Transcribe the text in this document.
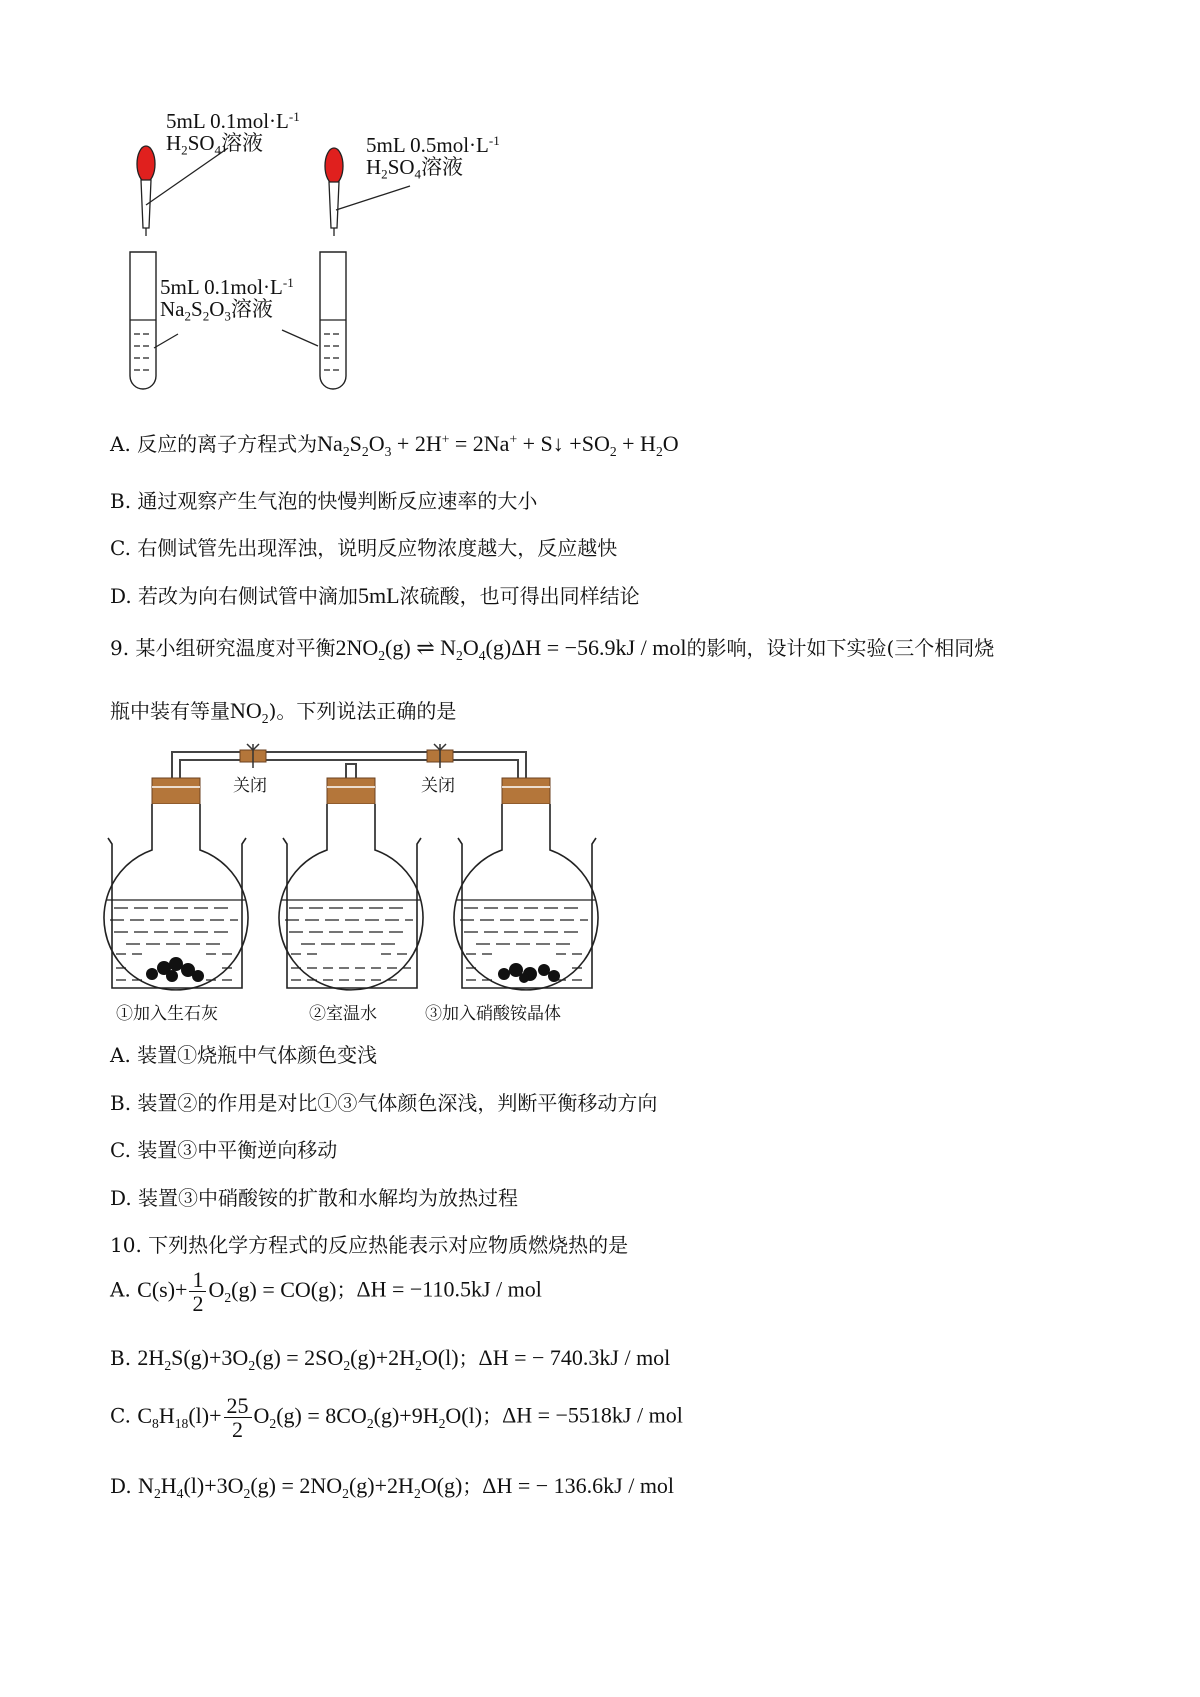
5mL $0.1mol\cdot L^{-1}$
$H_2SO_4$溶液	5mL $0.5mol\cdot L^{-1}$
$H_2SO_4$溶液
5mL $0.1mol\cdot L^{-1}$
$Na_2S_2O_3$溶液
A. 反应的离子方程式为$Na_2S_2O_3 + 2H^+ = 2Na^+$ + S↓ $+SO_2 + H_2O$
B. 通过观察产生气泡的快慢判断反应速率的大小
C. 右侧试管先出现浑浊，说明反应物浓度越大，反应越快
D. 若改为向右侧试管中滴加5mL浓硫酸，也可得出同样结论
9. 某小组研究温度对平衡$2NO_2(g)$ ⇌ $N_2O_4(g)\Delta H = -56.9kJ$ / mol的影响，设计如下实验(三个相同烧
瓶中装有等量$NO_2$)。下列说法正确的是
关闭	关闭
①加入生石灰	②室温水	③加入硝酸铵晶体
A. 装置①烧瓶中气体颜色变浅
B. 装置②的作用是对比①③气体颜色深浅，判断平衡移动方向
C. 装置③中平衡逆向移动
D. 装置③中硝酸铵的扩散和水解均为放热过程
10. 下列热化学方程式的反应热能表示对应物质燃烧热的是
A. $C(s)+ \frac{1}{2} O_2(g) = CO(g)$；ΔH = −110.5kJ / mol
B. $2H_2S(g)+3O_2(g) = 2SO_2(g)+2H_2O(l)$；ΔH = − 740.3kJ / mol
C. $C_8H_{18}(l)+ \frac{25}{2} O_2(g) = 8CO_2(g)+9H_2O(l)$；ΔH = −5518kJ / mol
D. $N_2H_4(l)+3O_2(g) = 2NO_2(g)+2H_2O(g)$；ΔH = − 136.6kJ / mol
